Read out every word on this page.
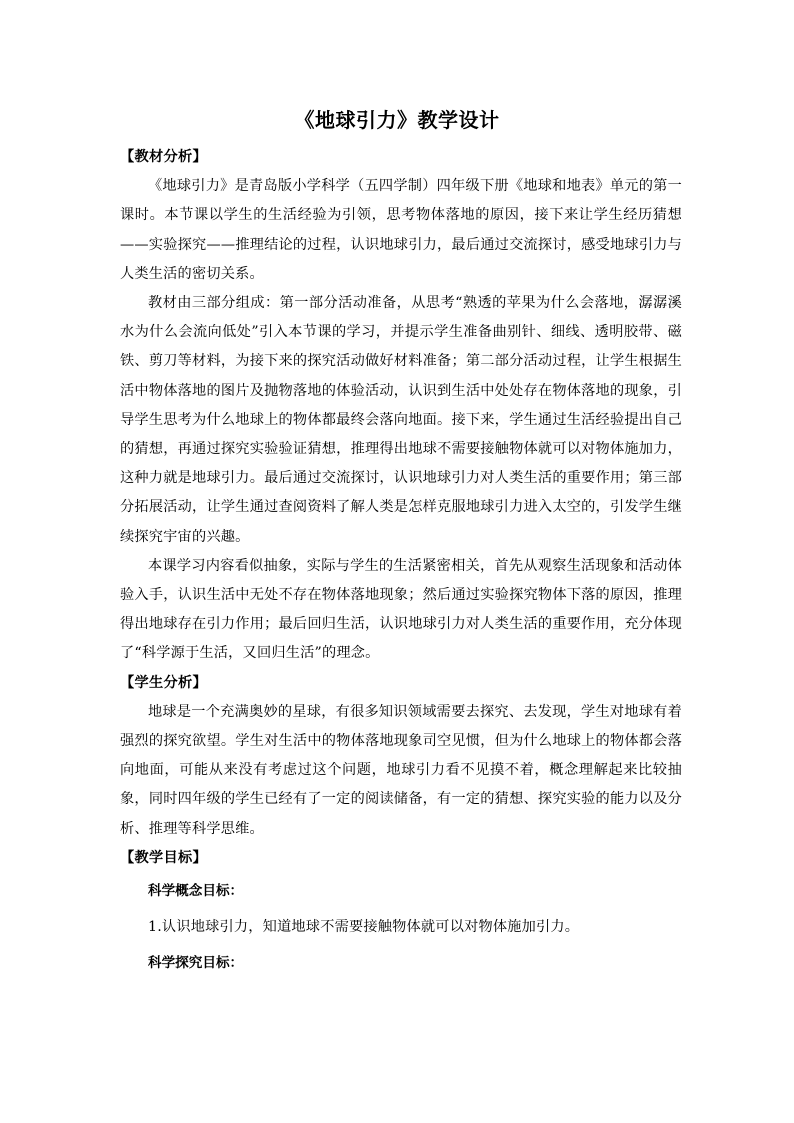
《地球引力》教学设计

【教材分析】

《地球引力》是青岛版小学科学（五四学制）四年级下册《地球和地表》单元的第一课时。本节课以学生的生活经验为引领，思考物体落地的原因，接下来让学生经历猜想——实验探究——推理结论的过程，认识地球引力，最后通过交流探讨，感受地球引力与人类生活的密切关系。

教材由三部分组成：第一部分活动准备，从思考“熟透的苹果为什么会落地，潺潺溪水为什么会流向低处”引入本节课的学习，并提示学生准备曲别针、细线、透明胶带、磁铁、剪刀等材料，为接下来的探究活动做好材料准备；第二部分活动过程，让学生根据生活中物体落地的图片及抛物落地的体验活动，认识到生活中处处存在物体落地的现象，引导学生思考为什么地球上的物体都最终会落向地面。接下来，学生通过生活经验提出自己的猜想，再通过探究实验验证猜想，推理得出地球不需要接触物体就可以对物体施加力，这种力就是地球引力。最后通过交流探讨，认识地球引力对人类生活的重要作用；第三部分拓展活动，让学生通过查阅资料了解人类是怎样克服地球引力进入太空的，引发学生继续探究宇宙的兴趣。

本课学习内容看似抽象，实际与学生的生活紧密相关，首先从观察生活现象和活动体验入手，认识生活中无处不存在物体落地现象；然后通过实验探究物体下落的原因，推理得出地球存在引力作用；最后回归生活，认识地球引力对人类生活的重要作用，充分体现了“科学源于生活，又回归生活”的理念。

【学生分析】

地球是一个充满奥妙的星球，有很多知识领域需要去探究、去发现，学生对地球有着强烈的探究欲望。学生对生活中的物体落地现象司空见惯，但为什么地球上的物体都会落向地面，可能从来没有考虑过这个问题，地球引力看不见摸不着，概念理解起来比较抽象，同时四年级的学生已经有了一定的阅读储备，有一定的猜想、探究实验的能力以及分析、推理等科学思维。

【教学目标】

科学概念目标：

1.认识地球引力，知道地球不需要接触物体就可以对物体施加引力。

科学探究目标：
